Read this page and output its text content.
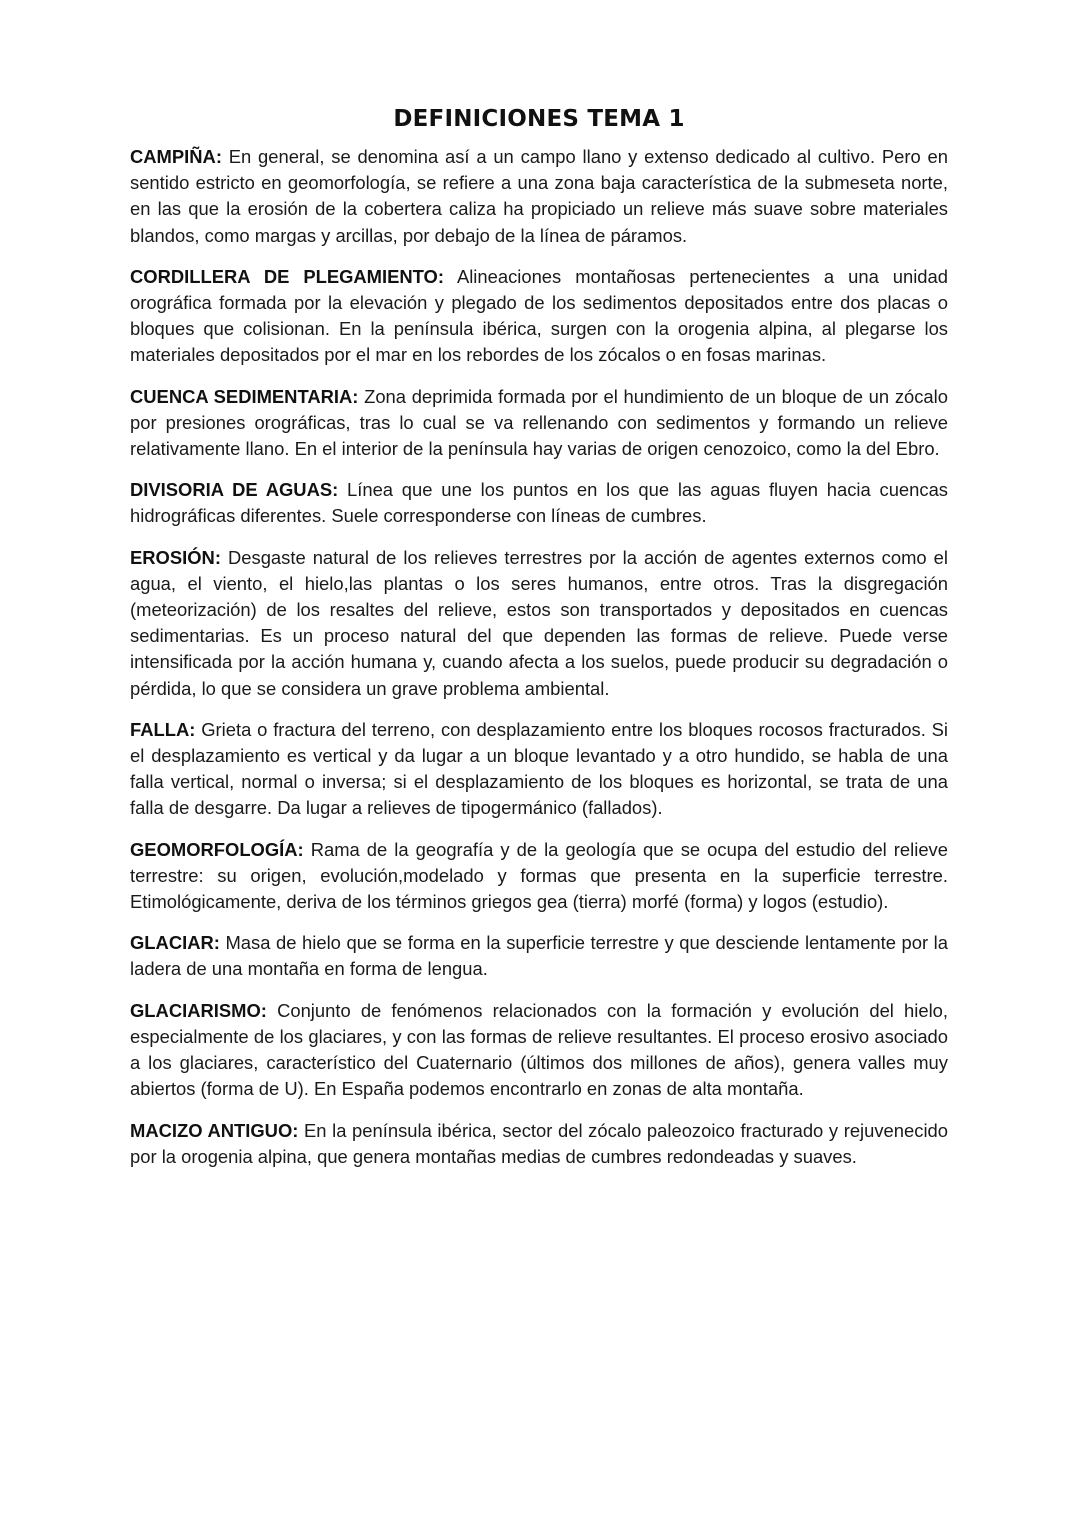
DEFINICIONES TEMA 1

CAMPIÑA: En general, se denomina así a un campo llano y extenso dedicado al cultivo. Pero en sentido estricto en geomorfología, se refiere a una zona baja característica de la submeseta norte, en las que la erosión de la cobertera caliza ha propiciado un relieve más suave sobre materiales blandos, como margas y arcillas, por debajo de la línea de páramos.

CORDILLERA DE PLEGAMIENTO: Alineaciones montañosas pertenecientes a una unidad orográfica formada por la elevación y plegado de los sedimentos depositados entre dos placas o bloques que colisionan. En la península ibérica, surgen con la orogenia alpina, al plegarse los materiales depositados por el mar en los rebordes de los zócalos o en fosas marinas.

CUENCA SEDIMENTARIA: Zona deprimida formada por el hundimiento de un bloque de un zócalo por presiones orográficas, tras lo cual se va rellenando con sedimentos y formando un relieve relativamente llano. En el interior de la península hay varias de origen cenozoico, como la del Ebro.

DIVISORIA DE AGUAS: Línea que une los puntos en los que las aguas fluyen hacia cuencas hidrográficas diferentes. Suele corresponderse con líneas de cumbres.

EROSIÓN: Desgaste natural de los relieves terrestres por la acción de agentes externos como el agua, el viento, el hielo,las plantas o los seres humanos, entre otros. Tras la disgregación (meteorización) de los resaltes del relieve, estos son transportados y depositados en cuencas sedimentarias. Es un proceso natural del que dependen las formas de relieve. Puede verse intensificada por la acción humana y, cuando afecta a los suelos, puede producir su degradación o pérdida, lo que se considera un grave problema ambiental.

FALLA: Grieta o fractura del terreno, con desplazamiento entre los bloques rocosos fracturados. Si el desplazamiento es vertical y da lugar a un bloque levantado y a otro hundido, se habla de una falla vertical, normal o inversa; si el desplazamiento de los bloques es horizontal, se trata de una falla de desgarre. Da lugar a relieves de tipogermánico (fallados).

GEOMORFOLOGÍA: Rama de la geografía y de la geología que se ocupa del estudio del relieve terrestre: su origen, evolución,modelado y formas que presenta en la superficie terrestre. Etimológicamente, deriva de los términos griegos gea (tierra) morfé (forma) y logos (estudio).

GLACIAR: Masa de hielo que se forma en la superficie terrestre y que desciende lentamente por la ladera de una montaña en forma de lengua.

GLACIARISMO: Conjunto de fenómenos relacionados con la formación y evolución del hielo, especialmente de los glaciares, y con las formas de relieve resultantes. El proceso erosivo asociado a los glaciares, característico del Cuaternario (últimos dos millones de años), genera valles muy abiertos (forma de U). En España podemos encontrarlo en zonas de alta montaña.

MACIZO ANTIGUO: En la península ibérica, sector del zócalo paleozoico fracturado y rejuvenecido por la orogenia alpina, que genera montañas medias de cumbres redondeadas y suaves.
